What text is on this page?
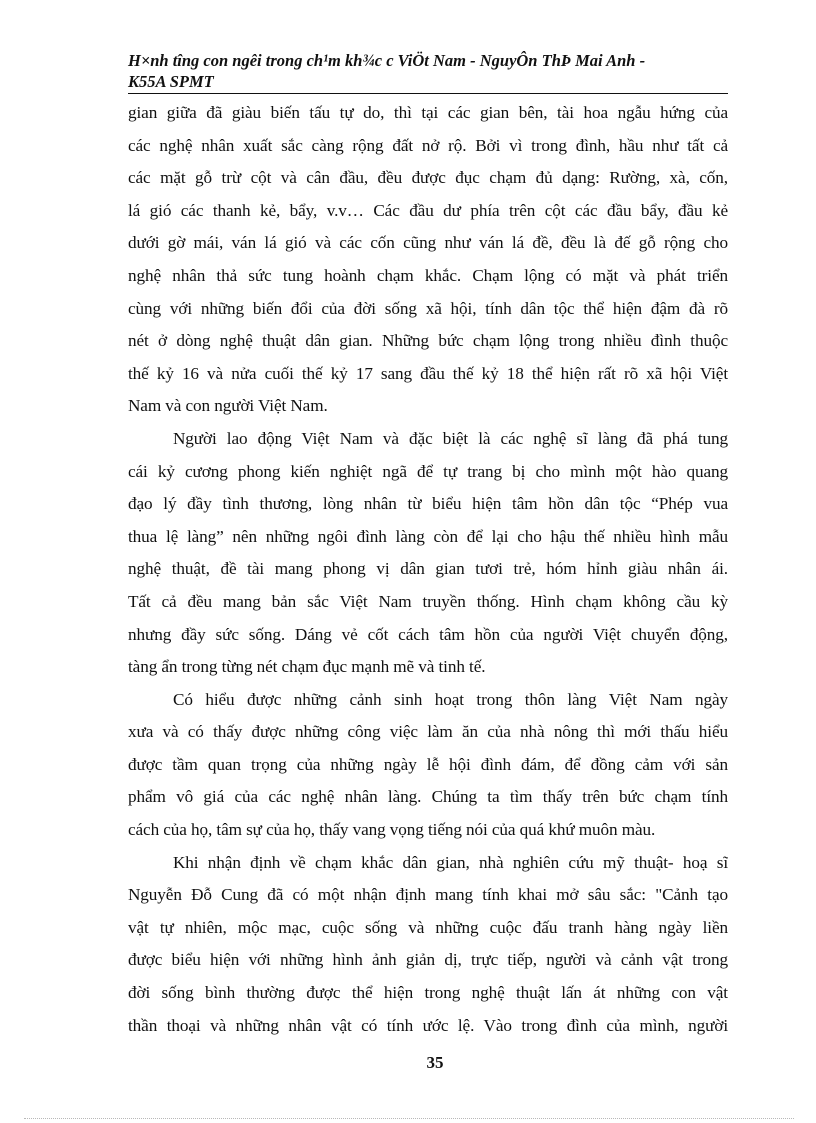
H×nh tîng con ngêi trong ch¹m kh¾c c ViÖt Nam - NguyÔn ThÞ Mai Anh -
K55A SPMT
gian giữa đã giàu biến tấu tự do, thì tại các gian bên, tài hoa ngẫu hứng của
các nghệ nhân xuất sắc càng rộng đất nở rộ. Bởi vì trong đình, hầu như tất cả
các mặt gỗ trừ cột và cân đầu, đều được đục chạm đủ dạng: Rường, xà, cốn,
lá gió các thanh kẻ, bẩy, v.v… Các đầu dư phía trên cột các đầu bẩy, đầu kẻ
dưới gờ mái, ván lá gió và các cốn cũng như ván lá đề, đều là đế gỗ rộng cho
nghệ nhân thả sức tung hoành chạm khắc. Chạm lộng có mặt và phát triển
cùng với những biến đổi của đời sống xã hội, tính dân tộc thể hiện đậm đà rõ
nét ở dòng nghệ thuật dân gian. Những bức chạm lộng trong nhiều đình thuộc
thế kỷ 16 và nửa cuối thế kỷ 17 sang đầu thế kỷ 18 thể hiện rất rõ xã hội Việt
Nam và con người Việt Nam.
Người lao động Việt Nam và đặc biệt là các nghệ sĩ làng đã phá tung
cái kỷ cương phong kiến nghiệt ngã để tự trang bị cho mình một hào quang
đạo lý đầy tình thương, lòng nhân từ biểu hiện tâm hồn dân tộc “Phép vua
thua lệ làng” nên những ngôi đình làng còn để lại cho hậu thế nhiều hình mẫu
nghệ thuật, đề tài mang phong vị dân gian tươi trẻ, hóm hỉnh giàu nhân ái.
Tất cả đều mang bản sắc Việt Nam truyền thống. Hình chạm không cầu kỳ
nhưng đầy sức sống. Dáng vẻ cốt cách tâm hồn của người Việt chuyển động,
tàng ẩn trong từng nét chạm đục mạnh mẽ và tinh tế.
Có hiểu được những cảnh sinh hoạt trong thôn làng Việt Nam ngày
xưa và có thấy được những công việc làm ăn của nhà nông thì mới thấu hiểu
được tầm quan trọng của những ngày lễ hội đình đám, để đồng cảm với sản
phẩm vô giá của các nghệ nhân làng. Chúng ta tìm thấy trên bức chạm tính
cách của họ, tâm sự của họ, thấy vang vọng tiếng nói của quá khứ muôn màu.
Khi nhận định về chạm khắc dân gian, nhà nghiên cứu mỹ thuật- hoạ sĩ
Nguyễn Đỗ Cung đã có một nhận định mang tính khai mở sâu sắc: "Cảnh tạo
vật tự nhiên, mộc mạc, cuộc sống và những cuộc đấu tranh hàng ngày liền
được biểu hiện với những hình ảnh giản dị, trực tiếp, người và cảnh vật trong
đời sống bình thường được thể hiện trong nghệ thuật lấn át những con vật
thần thoại và những nhân vật có tính ước lệ. Vào trong đình của mình, người
35
